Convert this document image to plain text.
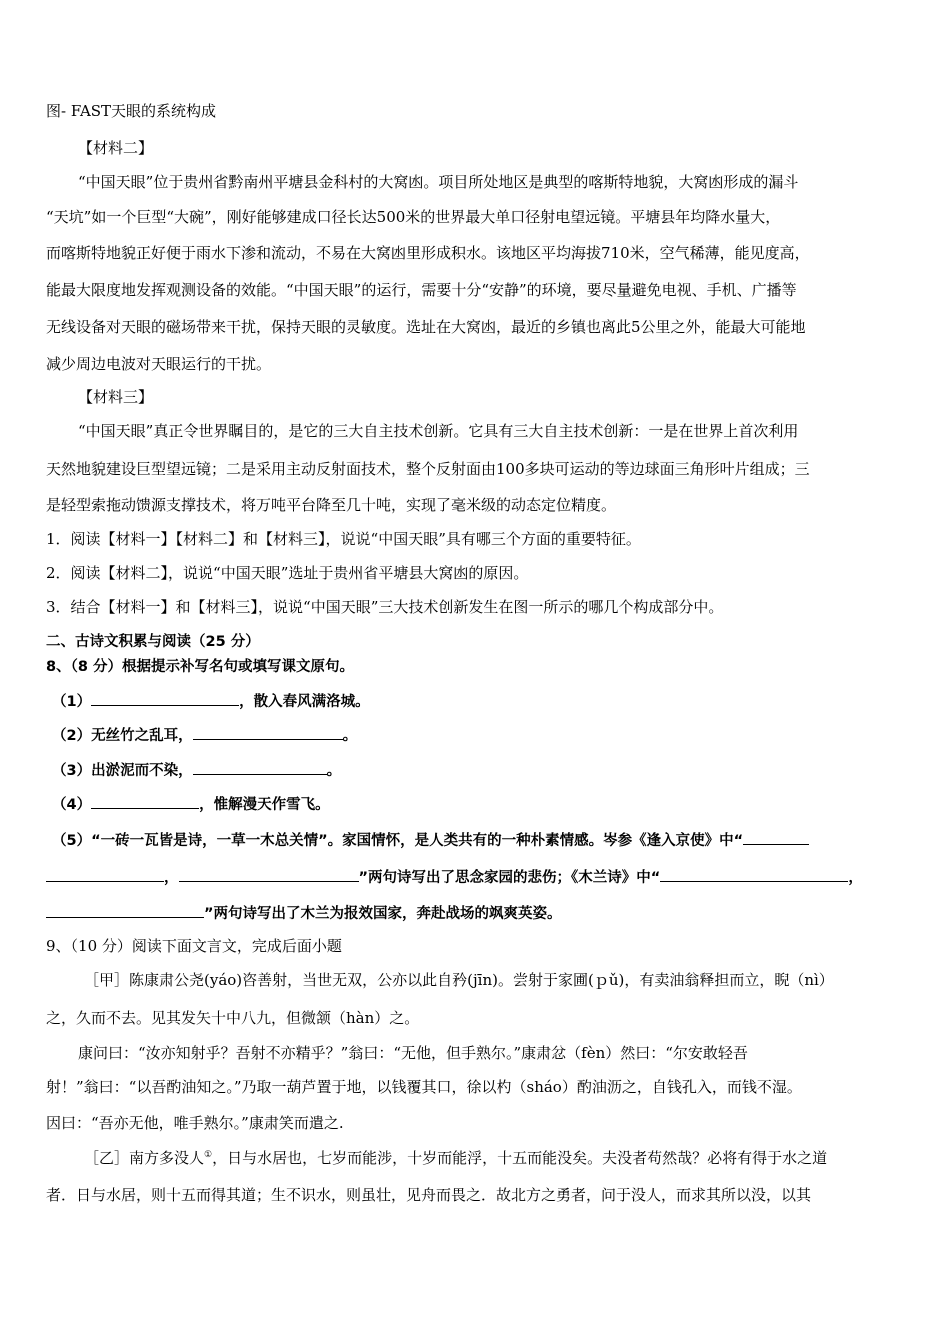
图- FAST天眼的系统构成
【材料二】
“中国天眼”位于贵州省黔南州平塘县金科村的大窝凼。项目所处地区是典型的喀斯特地貌，大窝凼形成的漏斗
“天坑”如一个巨型“大碗”，刚好能够建成口径长达500米的世界最大单口径射电望远镜。平塘县年均降水量大，
而喀斯特地貌正好便于雨水下渗和流动，不易在大窝凼里形成积水。该地区平均海拔710米，空气稀薄，能见度高，
能最大限度地发挥观测设备的效能。“中国天眼”的运行，需要十分“安静”的环境，要尽量避免电视、手机、广播等
无线设备对天眼的磁场带来干扰，保持天眼的灵敏度。选址在大窝凼，最近的乡镇也离此5公里之外，能最大可能地
减少周边电波对天眼运行的干扰。
【材料三】
“中国天眼”真正令世界瞩目的，是它的三大自主技术创新。它具有三大自主技术创新：一是在世界上首次利用
天然地貌建设巨型望远镜；二是采用主动反射面技术，整个反射面由100多块可运动的等边球面三角形叶片组成；三
是轻型索拖动馈源支撑技术，将万吨平台降至几十吨，实现了毫米级的动态定位精度。
1．阅读【材料一】【材料二】和【材料三】，说说“中国天眼”具有哪三个方面的重要特征。
2．阅读【材料二】，说说“中国天眼”选址于贵州省平塘县大窝凼的原因。
3．结合【材料一】和【材料三】，说说“中国天眼”三大技术创新发生在图一所示的哪几个构成部分中。
二、古诗文积累与阅读（25 分）
8、（8 分）根据提示补写名句或填写课文原句。
（1）	，散入春风满洛城。
（2）无丝竹之乱耳，	。
（3）出淤泥而不染，	。
（4）	，惟解漫天作雪飞。
（5）“一砖一瓦皆是诗，一草一木总关情”。家国情怀，是人类共有的一种朴素情感。岑参《逢入京使》中“
，	”两句诗写出了思念家园的悲伤；《木兰诗》中“	，
”两句诗写出了木兰为报效国家，奔赴战场的飒爽英姿。
9、（10 分）阅读下面文言文，完成后面小题
［甲］陈康肃公尧(yáo)咨善射，当世无双，公亦以此自矜(jīn)。尝射于家圃(ｐǔ)，有卖油翁释担而立，睨（nì）
之，久而不去。见其发矢十中八九，但微颔（hàn）之。
康问曰：“汝亦知射乎？吾射不亦精乎？”翁曰：“无他，但手熟尔。”康肃忿（fèn）然曰：“尔安敢轻吾
射！”翁曰：“以吾酌油知之。”乃取一葫芦置于地，以钱覆其口，徐以杓（sháo）酌油沥之，自钱孔入，而钱不湿。
因曰：“吾亦无他，唯手熟尔。”康肃笑而遣之.
［乙］南方多没人①，日与水居也，七岁而能涉，十岁而能浮，十五而能没矣。夫没者苟然哉？必将有得于水之道
者．日与水居，则十五而得其道；生不识水，则虽壮，见舟而畏之．故北方之勇者，问于没人，而求其所以没，以其
